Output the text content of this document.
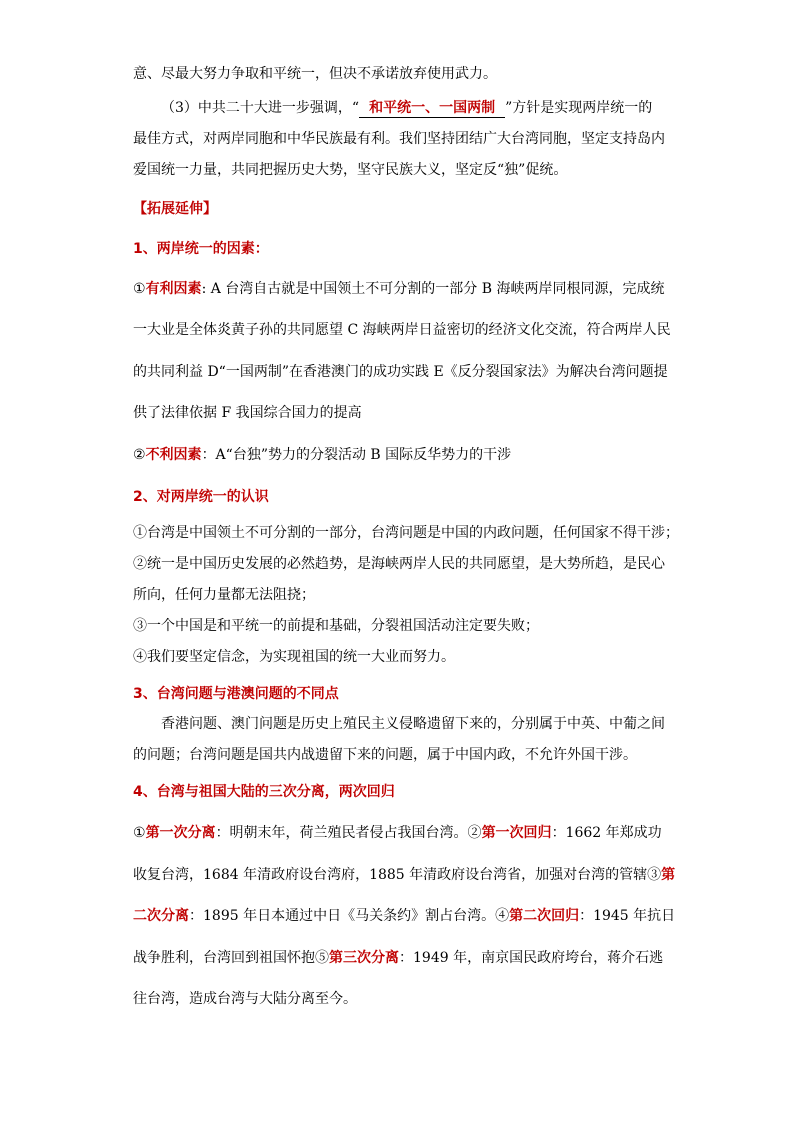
意、尽最大努力争取和平统一，但决不承诺放弃使用武力。
（3）中共二十大进一步强调，“ 和平统一、一国两制 ”方针是实现两岸统一的
最佳方式，对两岸同胞和中华民族最有利。我们坚持团结广大台湾同胞，坚定支持岛内
爱国统一力量，共同把握历史大势，坚守民族大义，坚定反“独”促统。
【拓展延伸】
1、两岸统一的因素：
①有利因素: A 台湾自古就是中国领土不可分割的一部分 B 海峡两岸同根同源，完成统
一大业是全体炎黄子孙的共同愿望 C 海峡两岸日益密切的经济文化交流，符合两岸人民
的共同利益 D“一国两制”在香港澳门的成功实践 E《反分裂国家法》为解决台湾问题提
供了法律依据 F 我国综合国力的提高
②不利因素：A“台独”势力的分裂活动 B 国际反华势力的干涉
2、对两岸统一的认识
①台湾是中国领土不可分割的一部分，台湾问题是中国的内政问题，任何国家不得干涉；
②统一是中国历史发展的必然趋势，是海峡两岸人民的共同愿望，是大势所趋，是民心
所向，任何力量都无法阻挠；
③一个中国是和平统一的前提和基础，分裂祖国活动注定要失败；
④我们要坚定信念，为实现祖国的统一大业而努力。
3、台湾问题与港澳问题的不同点
香港问题、澳门问题是历史上殖民主义侵略遗留下来的，分别属于中英、中葡之间
的问题；台湾问题是国共内战遗留下来的问题，属于中国内政，不允许外国干涉。
4、台湾与祖国大陆的三次分离，两次回归
①第一次分离：明朝末年，荷兰殖民者侵占我国台湾。②第一次回归：1662 年郑成功
收复台湾，1684 年清政府设台湾府，1885 年清政府设台湾省，加强对台湾的管辖③第
二次分离：1895 年日本通过中日《马关条约》割占台湾。④第二次回归：1945 年抗日
战争胜利，台湾回到祖国怀抱⑤第三次分离：1949 年，南京国民政府垮台，蒋介石逃
往台湾，造成台湾与大陆分离至今。
